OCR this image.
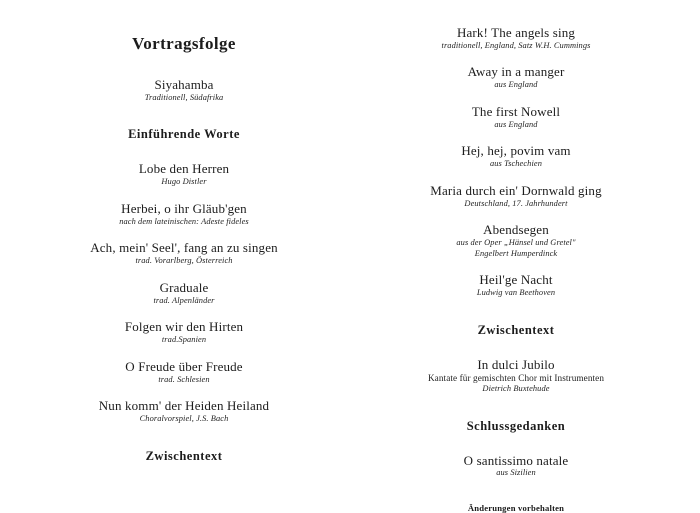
Vortragsfolge
Siyahamba
Traditionell, Südafrika
Einführende Worte
Lobe den Herren
Hugo Distler
Herbei, o ihr Gläub'gen
nach dem lateinischen: Adeste fideles
Ach, mein' Seel', fang an zu singen
trad. Vorarlberg, Österreich
Graduale
trad. Alpenländer
Folgen wir den Hirten
trad.Spanien
O Freude über Freude
trad. Schlesien
Nun komm' der Heiden Heiland
Choralvorspiel, J.S. Bach
Zwischentext
Hark! The angels sing
traditionell, England, Satz W.H. Cummings
Away in a manger
aus England
The first Nowell
aus England
Hej, hej, povim vam
aus Tschechien
Maria durch ein' Dornwald ging
Deutschland, 17. Jahrhundert
Abendsegen
aus der Oper „Hänsel und Gretel"
Engelbert Humperdinck
Heil'ge Nacht
Ludwig van Beethoven
Zwischentext
In dulci Jubilo
Kantate für gemischten Chor mit Instrumenten
Dietrich Buxtehude
Schlussgedanken
O santissimo natale
aus Sizilien
Änderungen vorbehalten
